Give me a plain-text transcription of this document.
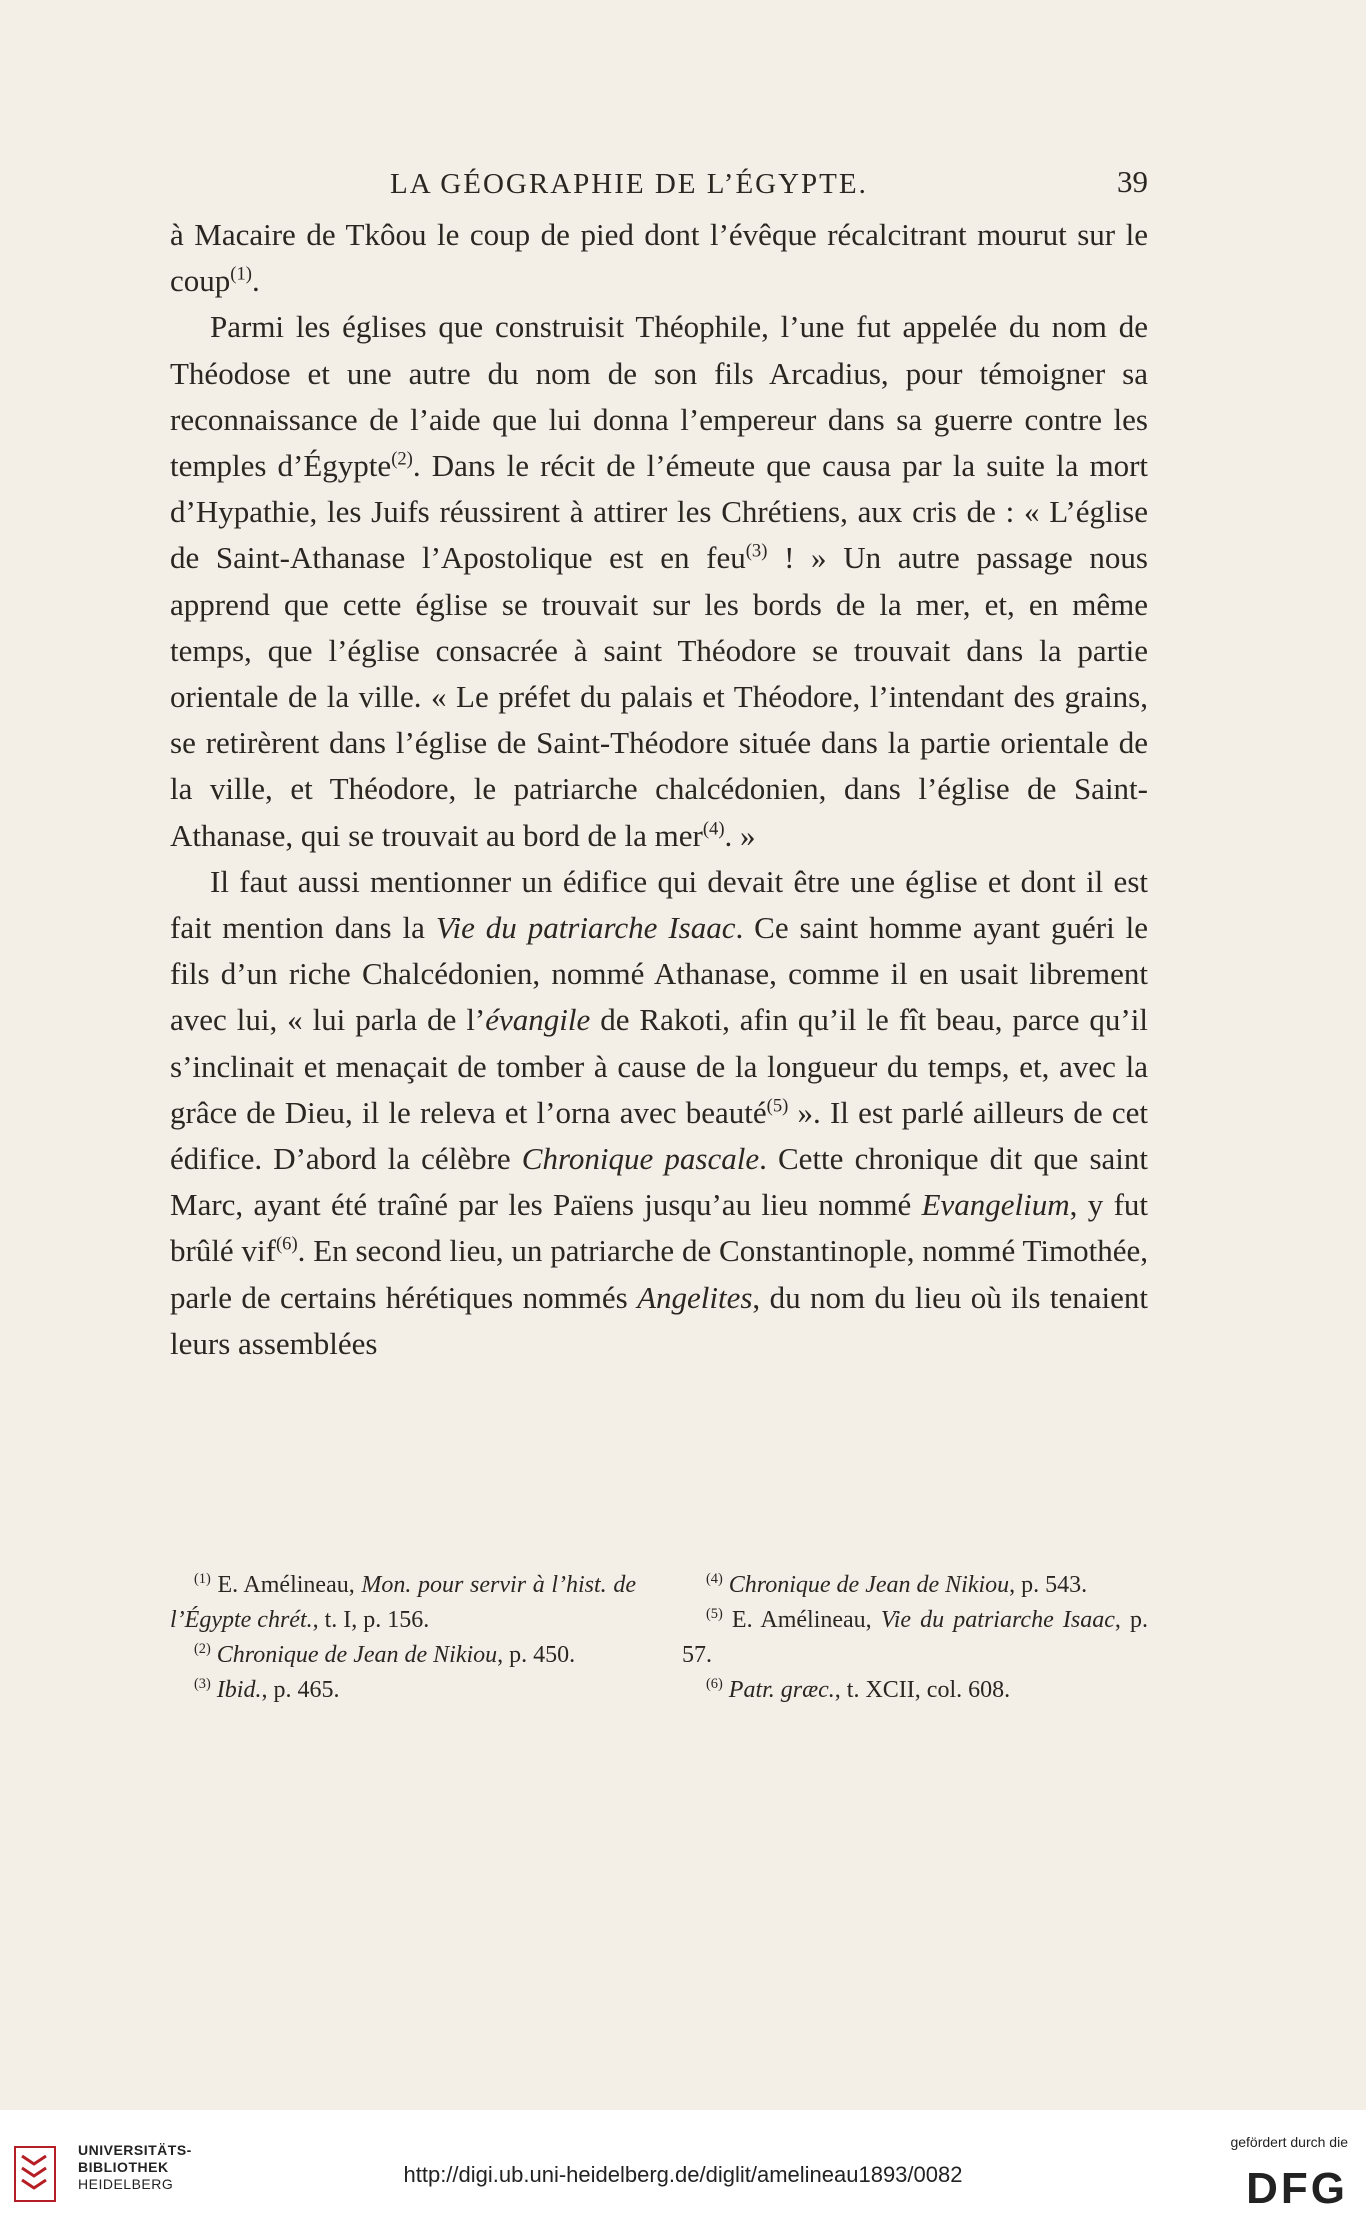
LA GÉOGRAPHIE DE L’ÉGYPTE.	39

à Macaire de Tkôou le coup de pied dont l’évêque récalcitrant mourut sur le coup$^{(1)}$.

Parmi les églises que construisit Théophile, l’une fut appelée du nom de Théodose et une autre du nom de son fils Arcadius, pour témoigner sa reconnaissance de l’aide que lui donna l’empereur dans sa guerre contre les temples d’Égypte$^{(2)}$. Dans le récit de l’émeute que causa par la suite la mort d’Hypathie, les Juifs réussirent à attirer les Chrétiens, aux cris de : « L’église de Saint-Athanase l’Apostolique est en feu$^{(3)}$ ! » Un autre passage nous apprend que cette église se trouvait sur les bords de la mer, et, en même temps, que l’église consacrée à saint Théodore se trouvait dans la partie orientale de la ville. « Le préfet du palais et Théodore, l’intendant des grains, se retirèrent dans l’église de Saint-Théodore située dans la partie orientale de la ville, et Théodore, le patriarche chalcédonien, dans l’église de Saint-Athanase, qui se trouvait au bord de la mer$^{(4)}$. »

Il faut aussi mentionner un édifice qui devait être une église et dont il est fait mention dans la Vie du patriarche Isaac. Ce saint homme ayant guéri le fils d’un riche Chalcédonien, nommé Athanase, comme il en usait librement avec lui, « lui parla de l’évangile de Rakoti, afin qu’il le fît beau, parce qu’il s’inclinait et menaçait de tomber à cause de la longueur du temps, et, avec la grâce de Dieu, il le releva et l’orna avec beauté$^{(5)}$ ». Il est parlé ailleurs de cet édifice. D’abord la célèbre Chronique pascale. Cette chronique dit que saint Marc, ayant été traîné par les Païens jusqu’au lieu nommé Evangelium, y fut brûlé vif$^{(6)}$. En second lieu, un patriarche de Constantinople, nommé Timothée, parle de certains hérétiques nommés Angelites, du nom du lieu où ils tenaient leurs assemblées

$^{(1)}$ E. Amélineau, Mon. pour servir à l’hist. de l’Égypte chrét., t. I, p. 156.

$^{(2)}$ Chronique de Jean de Nikiou, p. 450.

$^{(3)}$ Ibid., p. 465.

$^{(4)}$ Chronique de Jean de Nikiou, p. 543.

$^{(5)}$ E. Amélineau, Vie du patriarche Isaac, p. 57.

$^{(6)}$ Patr. græc., t. XCII, col. 608.

UNIVERSITÄTS-
BIBLIOTHEK
HEIDELBERG	http://digi.ub.uni-heidelberg.de/diglit/amelineau1893/0082
gefördert durch die
DFG
